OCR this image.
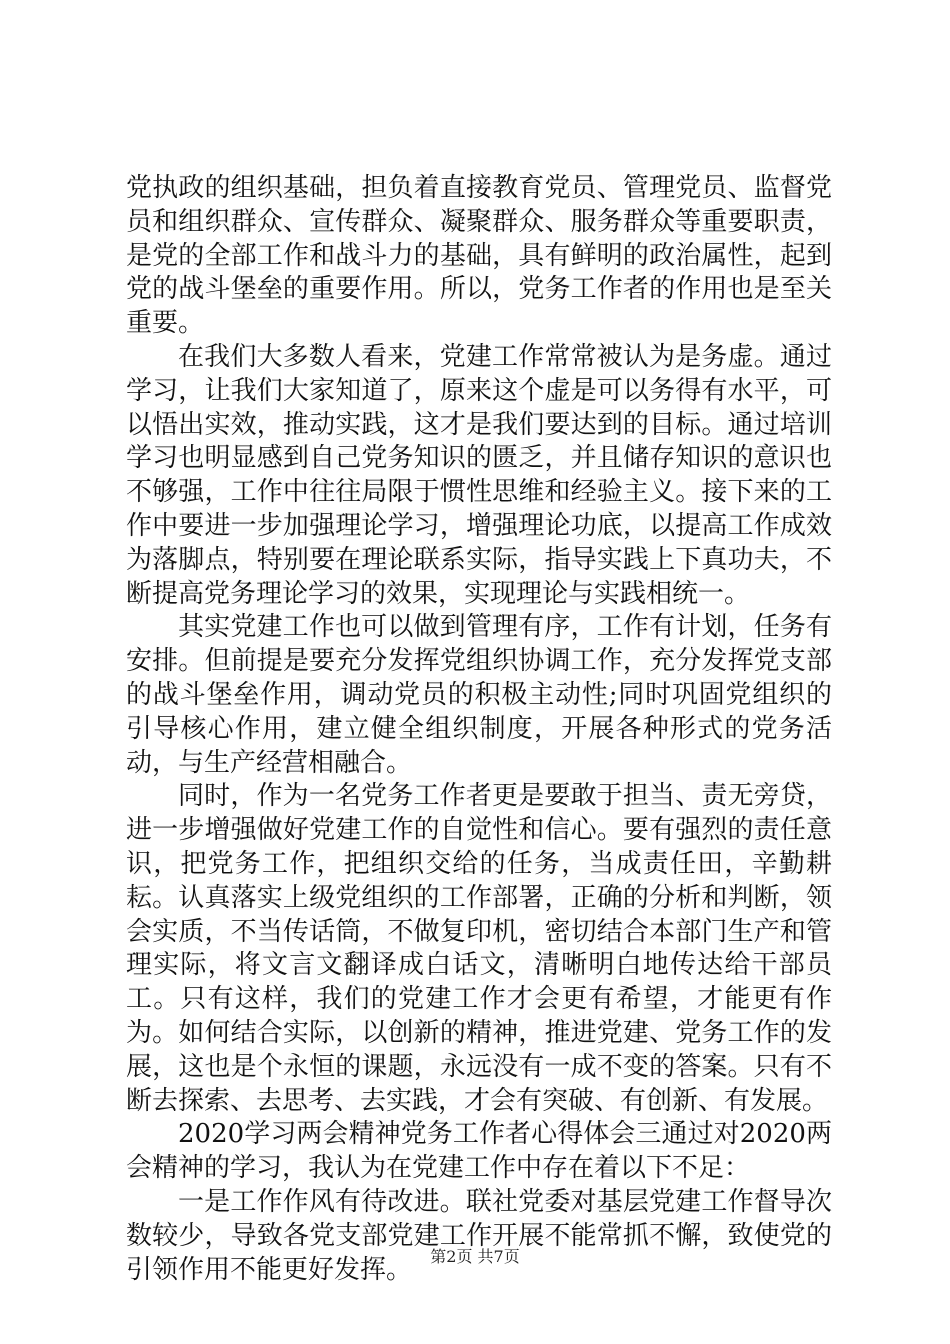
党执政的组织基础，担负着直接教育党员、管理党员、监督党员和组织群众、宣传群众、凝聚群众、服务群众等重要职责，是党的全部工作和战斗力的基础，具有鲜明的政治属性，起到党的战斗堡垒的重要作用。所以，党务工作者的作用也是至关重要。

在我们大多数人看来，党建工作常常被认为是务虚。通过学习，让我们大家知道了，原来这个虚是可以务得有水平，可以悟出实效，推动实践，这才是我们要达到的目标。通过培训学习也明显感到自己党务知识的匮乏，并且储存知识的意识也不够强，工作中往往局限于惯性思维和经验主义。接下来的工作中要进一步加强理论学习，增强理论功底，以提高工作成效为落脚点，特别要在理论联系实际，指导实践上下真功夫，不断提高党务理论学习的效果，实现理论与实践相统一。

其实党建工作也可以做到管理有序，工作有计划，任务有安排。但前提是要充分发挥党组织协调工作，充分发挥党支部的战斗堡垒作用，调动党员的积极主动性;同时巩固党组织的引导核心作用，建立健全组织制度，开展各种形式的党务活动，与生产经营相融合。

同时，作为一名党务工作者更是要敢于担当、责无旁贷，进一步增强做好党建工作的自觉性和信心。要有强烈的责任意识，把党务工作，把组织交给的任务，当成责任田，辛勤耕耘。认真落实上级党组织的工作部署，正确的分析和判断，领会实质，不当传话筒，不做复印机，密切结合本部门生产和管理实际，将文言文翻译成白话文，清晰明白地传达给干部员工。只有这样，我们的党建工作才会更有希望，才能更有作为。如何结合实际，以创新的精神，推进党建、党务工作的发展，这也是个永恒的课题，永远没有一成不变的答案。只有不断去探索、去思考、去实践，才会有突破、有创新、有发展。

2020学习两会精神党务工作者心得体会三通过对2020两会精神的学习，我认为在党建工作中存在着以下不足：

一是工作作风有待改进。联社党委对基层党建工作督导次数较少，导致各党支部党建工作开展不能常抓不懈，致使党的引领作用不能更好发挥。	第2页 共7页
